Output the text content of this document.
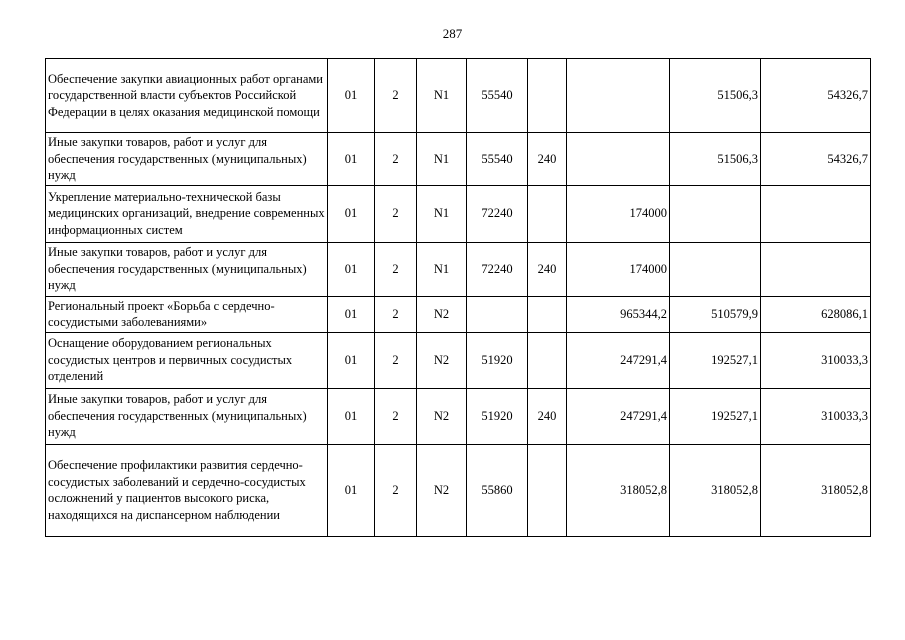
287
Обеспечение закупки авиационных работ органами государственной власти субъектов Российской Федерации в целях оказания медицинской помощи	01	2	N1	55540			51506,3	54326,7
Иные закупки товаров, работ и услуг для обеспечения государственных (муниципальных) нужд	01	2	N1	55540	240		51506,3	54326,7
Укрепление материально-технической базы медицинских организаций, внедрение современных информационных систем	01	2	N1	72240		174000		
Иные закупки товаров, работ и услуг для обеспечения государственных (муниципальных) нужд	01	2	N1	72240	240	174000		
Региональный проект «Борьба с сердечно-сосудистыми заболеваниями»	01	2	N2			965344,2	510579,9	628086,1
Оснащение оборудованием региональных сосудистых центров и первичных сосудистых отделений	01	2	N2	51920		247291,4	192527,1	310033,3
Иные закупки товаров, работ и услуг для обеспечения государственных (муниципальных) нужд	01	2	N2	51920	240	247291,4	192527,1	310033,3
Обеспечение профилактики развития сердечно-сосудистых заболеваний и сердечно-сосудистых осложнений у пациентов высокого риска, находящихся на диспансерном наблюдении	01	2	N2	55860		318052,8	318052,8	318052,8
